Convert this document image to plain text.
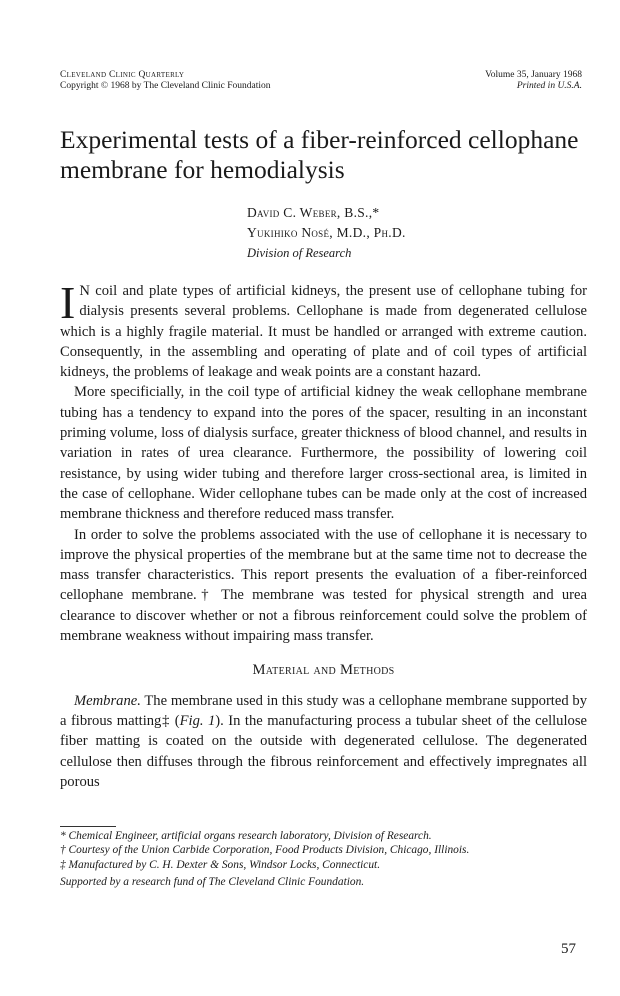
Cleveland Clinic Quarterly
Copyright © 1968 by The Cleveland Clinic Foundation
Volume 35, January 1968
Printed in U.S.A.
Experimental tests of a fiber-reinforced cellophane membrane for hemodialysis
David C. Weber, B.S.,*
Yukihiko Nosé, M.D., Ph.D.
Division of Research

I N coil and plate types of artificial kidneys, the present use of cellophane tubing for dialysis presents several problems. Cellophane is made from degenerated cellulose which is a highly fragile material. It must be handled or arranged with extreme caution. Consequently, in the assembling and operating of plate and of coil types of artificial kidneys, the problems of leakage and weak points are a constant hazard.

More specificially, in the coil type of artificial kidney the weak cellophane membrane tubing has a tendency to expand into the pores of the spacer, resulting in an inconstant priming volume, loss of dialysis surface, greater thickness of blood channel, and results in variation in rates of urea clearance. Furthermore, the possibility of lowering coil resistance, by using wider tubing and therefore larger cross-sectional area, is limited in the case of cellophane. Wider cellophane tubes can be made only at the cost of increased membrane thickness and therefore reduced mass transfer.

In order to solve the problems associated with the use of cellophane it is necessary to improve the physical properties of the membrane but at the same time not to decrease the mass transfer characteristics. This report presents the evaluation of a fiber-reinforced cellophane membrane.† The membrane was tested for physical strength and urea clearance to discover whether or not a fibrous reinforcement could solve the problem of membrane weakness without impairing mass transfer.

Material and Methods

Membrane. The membrane used in this study was a cellophane membrane supported by a fibrous matting‡ (Fig. 1). In the manufacturing process a tubular sheet of the cellulose fiber matting is coated on the outside with degenerated cellulose. The degenerated cellulose then diffuses through the fibrous reinforcement and effectively impregnates all porous

* Chemical Engineer, artificial organs research laboratory, Division of Research.
† Courtesy of the Union Carbide Corporation, Food Products Division, Chicago, Illinois.
‡ Manufactured by C. H. Dexter & Sons, Windsor Locks, Connecticut.
Supported by a research fund of The Cleveland Clinic Foundation.
57
